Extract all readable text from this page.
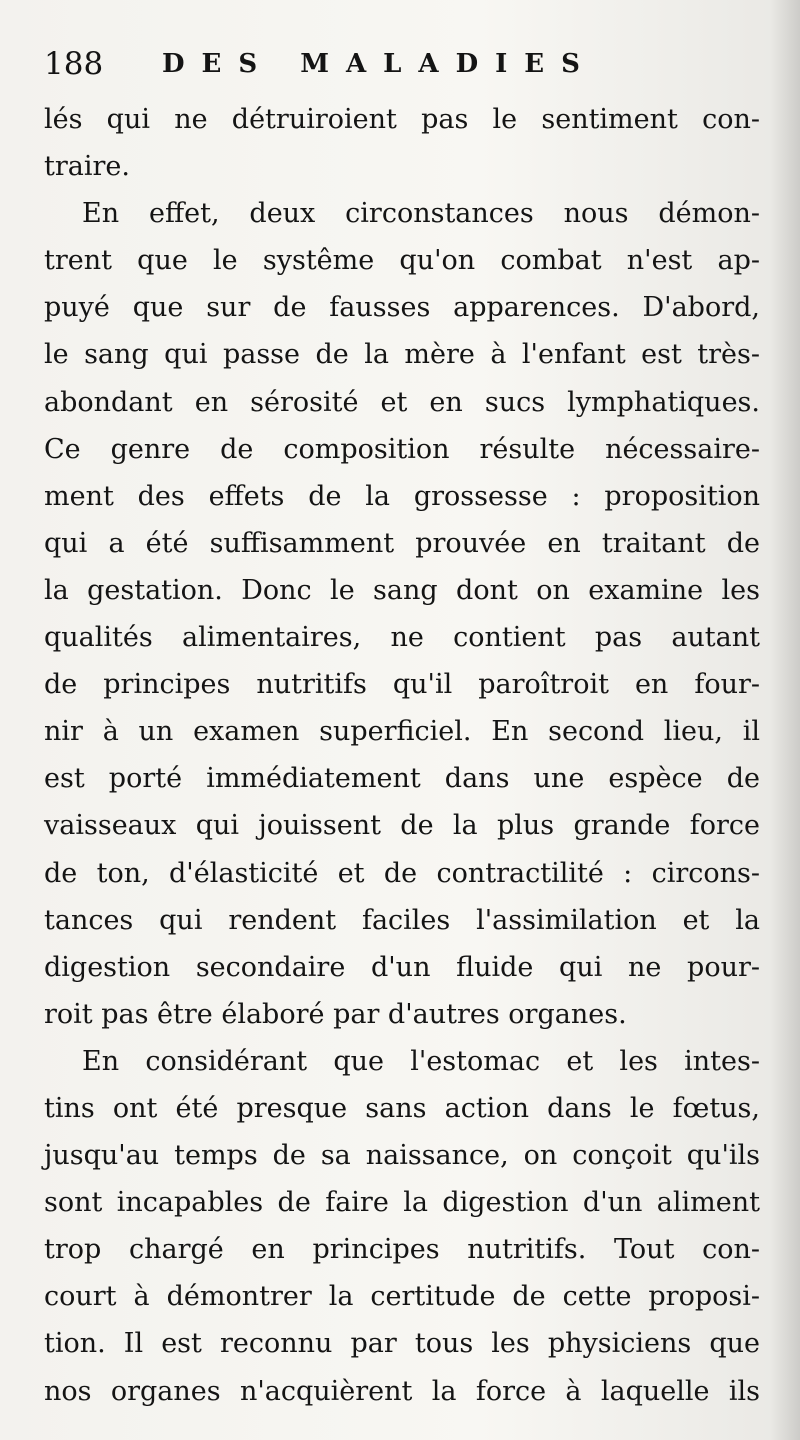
188 DES MALADIES
lés qui ne détruiroient pas le sentiment con-
traire.
En effet, deux circonstances nous démon-
trent que le systême qu'on combat n'est ap-
puyé que sur de fausses apparences. D'abord,
le sang qui passe de la mère à l'enfant est très-
abondant en sérosité et en sucs lymphatiques.
Ce genre de composition résulte nécessaire-
ment des effets de la grossesse : proposition
qui a été suffisamment prouvée en traitant de
la gestation. Donc le sang dont on examine les
qualités alimentaires, ne contient pas autant
de principes nutritifs qu'il paroîtroit en four-
nir à un examen superficiel. En second lieu, il
est porté immédiatement dans une espèce de
vaisseaux qui jouissent de la plus grande force
de ton, d'élasticité et de contractilité : circons-
tances qui rendent faciles l'assimilation et la
digestion secondaire d'un fluide qui ne pour-
roit pas être élaboré par d'autres organes.
En considérant que l'estomac et les intes-
tins ont été presque sans action dans le fœtus,
jusqu'au temps de sa naissance, on conçoit qu'ils
sont incapables de faire la digestion d'un aliment
trop chargé en principes nutritifs. Tout con-
court à démontrer la certitude de cette proposi-
tion. Il est reconnu par tous les physiciens que
nos organes n'acquièrent la force à laquelle ils
